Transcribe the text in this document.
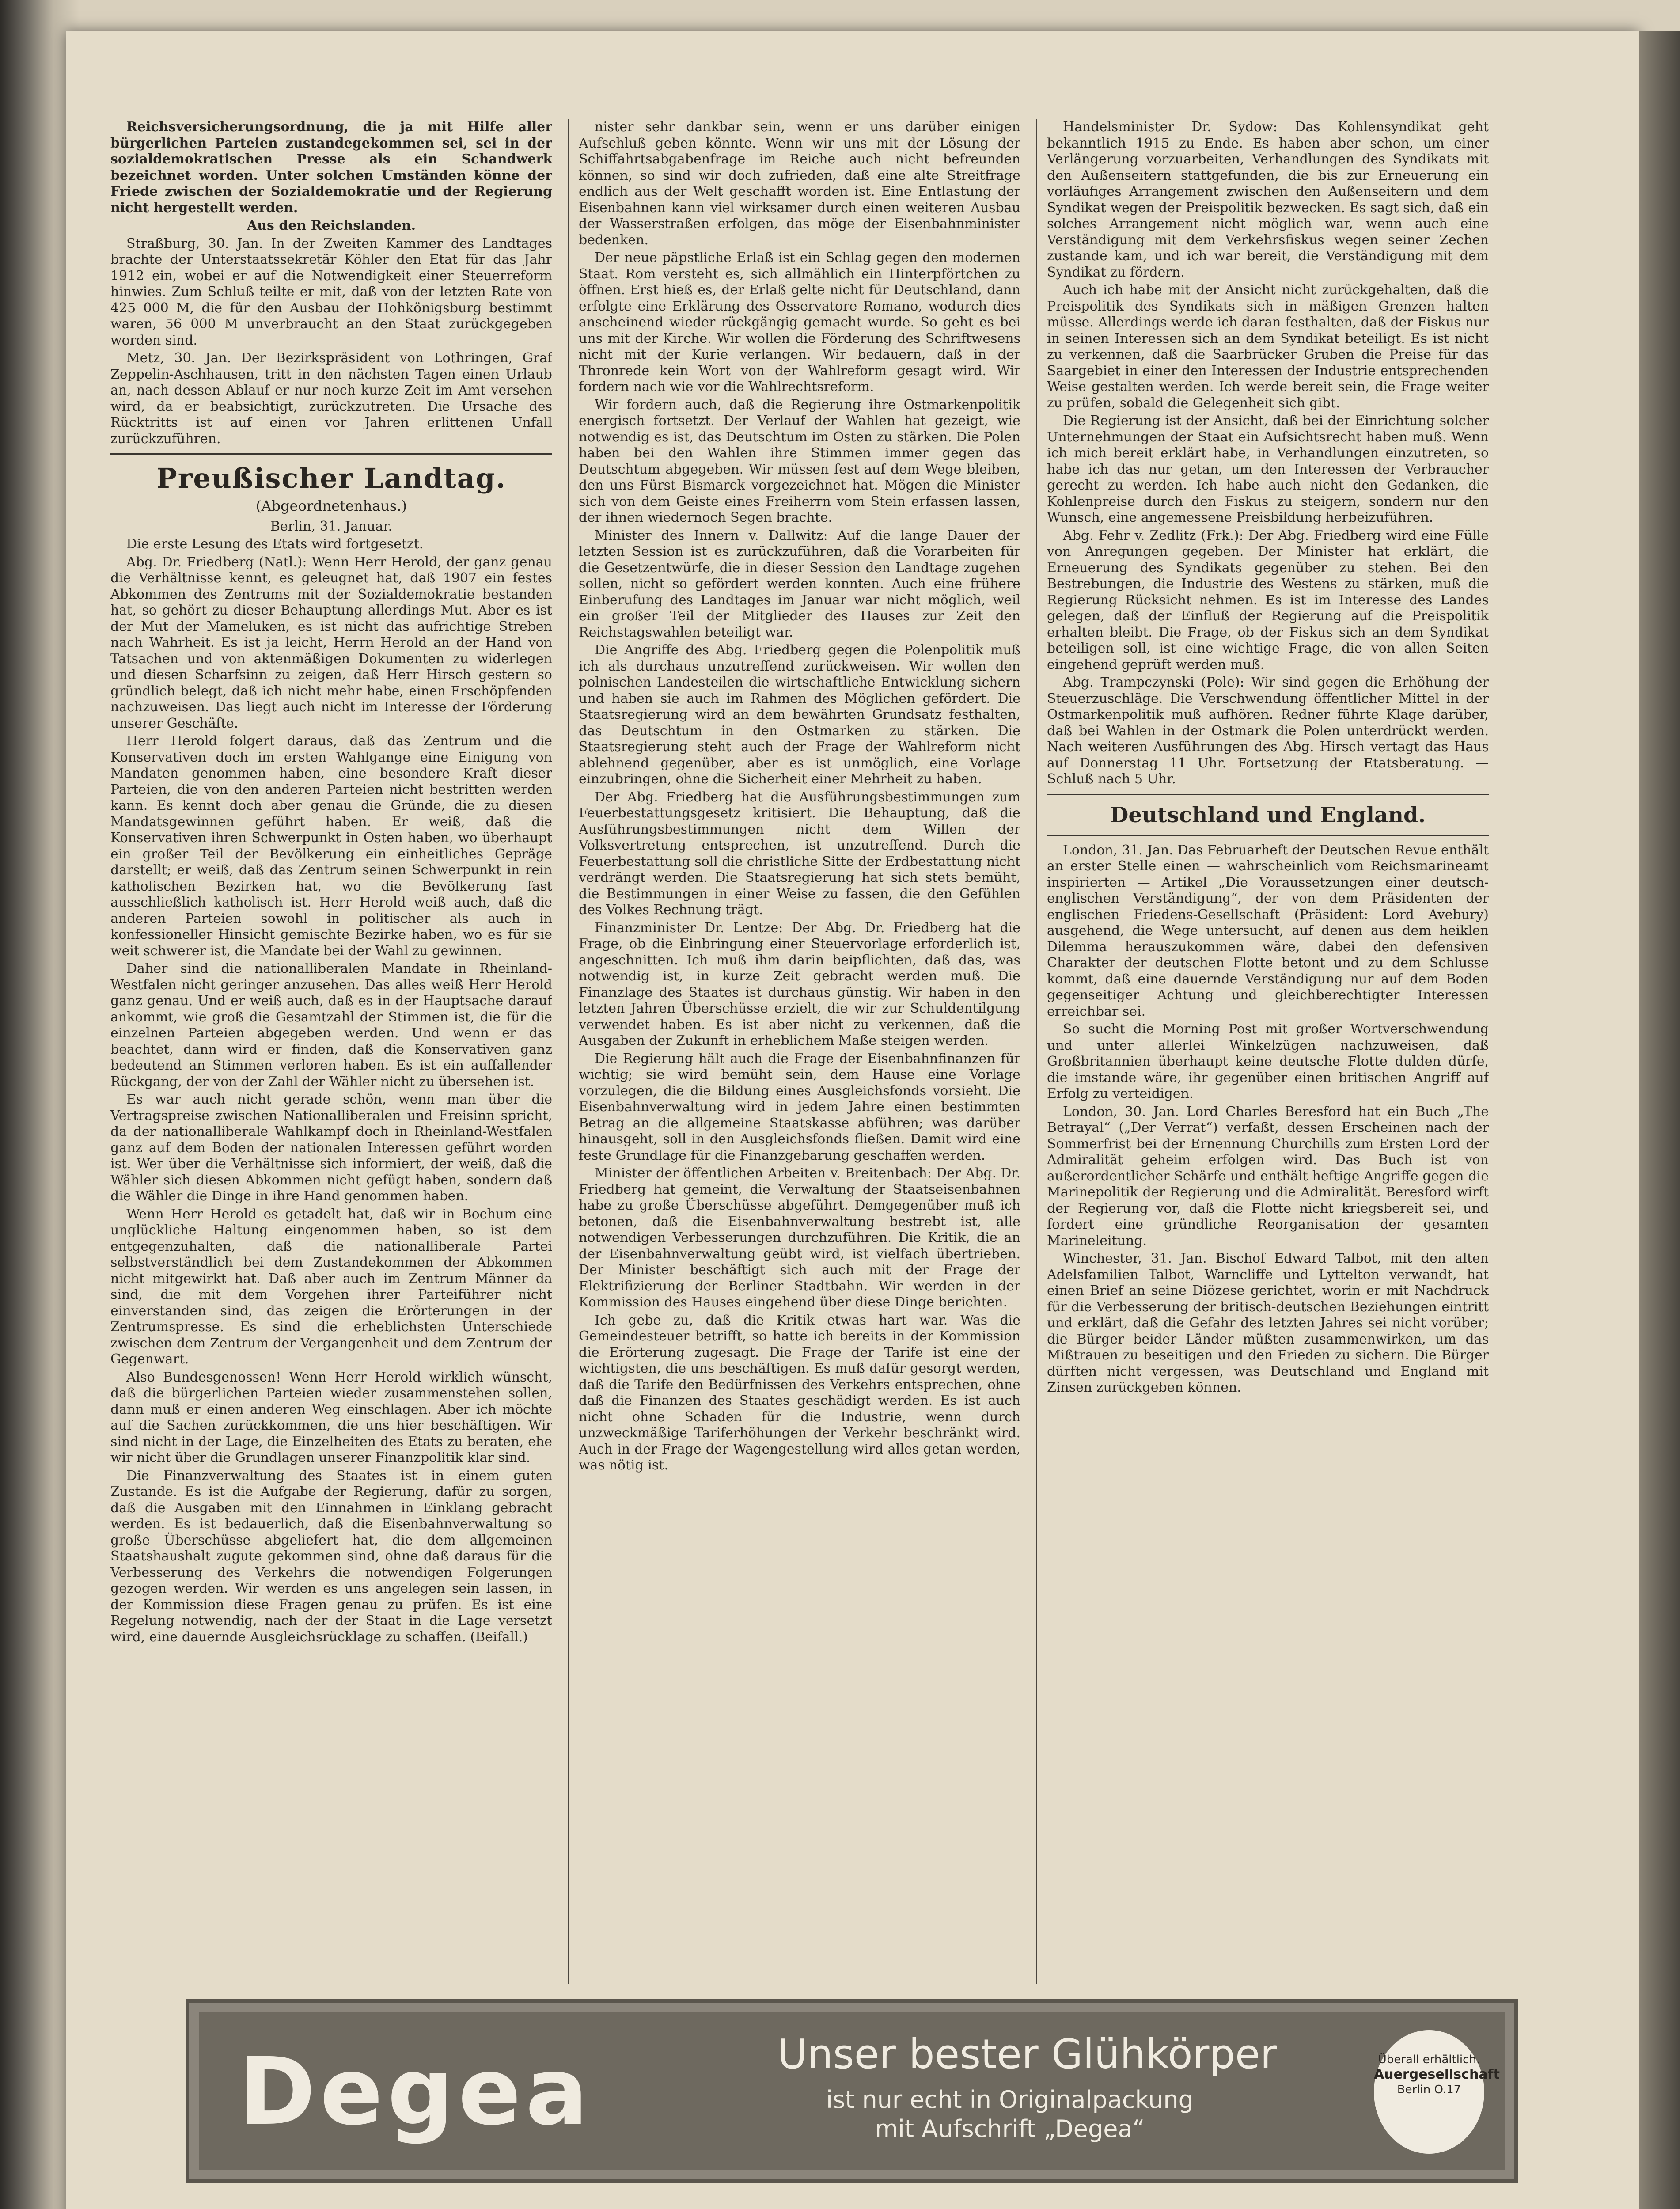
Reichsversicherungsordnung, die ja mit Hilfe aller bürgerlichen Parteien zustandegekommen sei, sei in der sozialdemokratischen Presse als ein Schandwerk bezeichnet worden. Unter solchen Umständen könne der Friede zwischen der Sozialdemokratie und der Regierung nicht hergestellt werden.

Aus den Reichslanden.

Straßburg, 30. Jan. In der Zweiten Kammer des Landtages brachte der Unterstaatssekretär Köhler den Etat für das Jahr 1912 ein, wobei er auf die Notwendigkeit einer Steuerreform hinwies. Zum Schluß teilte er mit, daß von der letzten Rate von 425 000 M, die für den Ausbau der Hohkönigsburg bestimmt waren, 56 000 M unverbraucht an den Staat zurückgegeben worden sind.

Metz, 30. Jan. Der Bezirkspräsident von Lothringen, Graf Zeppelin-Aschhausen, tritt in den nächsten Tagen einen Urlaub an, nach dessen Ablauf er nur noch kurze Zeit im Amt versehen wird, da er beabsichtigt, zurückzutreten. Die Ursache des Rücktritts ist auf einen vor Jahren erlittenen Unfall zurückzuführen.

Preußischer Landtag.
(Abgeordnetenhaus.)

Berlin, 31. Januar.

Die erste Lesung des Etats wird fortgesetzt.

Abg. Dr. Friedberg (Natl.): Wenn Herr Herold, der ganz genau die Verhältnisse kennt, es geleugnet hat, daß 1907 ein festes Abkommen des Zentrums mit der Sozialdemokratie bestanden hat, so gehört zu dieser Behauptung allerdings Mut. Aber es ist der Mut der Mameluken, es ist nicht das aufrichtige Streben nach Wahrheit. Es ist ja leicht, Herrn Herold an der Hand von Tatsachen und von aktenmäßigen Dokumenten zu widerlegen und diesen Scharfsinn zu zeigen, daß Herr Hirsch gestern so gründlich belegt, daß ich nicht mehr habe, einen Erschöpfenden nachzuweisen. Das liegt auch nicht im Interesse der Förderung unserer Geschäfte.

Herr Herold folgert daraus, daß das Zentrum und die Konservativen doch im ersten Wahlgange eine Einigung von Mandaten genommen haben, eine besondere Kraft dieser Parteien, die von den anderen Parteien nicht bestritten werden kann. Es kennt doch aber genau die Gründe, die zu diesen Mandatsgewinnen geführt haben. Er weiß, daß die Konservativen ihren Schwerpunkt in Osten haben, wo überhaupt ein großer Teil der Bevölkerung ein einheitliches Gepräge darstellt; er weiß, daß das Zentrum seinen Schwerpunkt in rein katholischen Bezirken hat, wo die Bevölkerung fast ausschließlich katholisch ist. Herr Herold weiß auch, daß die anderen Parteien sowohl in politischer als auch in konfessioneller Hinsicht gemischte Bezirke haben, wo es für sie weit schwerer ist, die Mandate bei der Wahl zu gewinnen.

Daher sind die nationalliberalen Mandate in Rheinland-Westfalen nicht geringer anzusehen. Das alles weiß Herr Herold ganz genau. Und er weiß auch, daß es in der Hauptsache darauf ankommt, wie groß die Gesamtzahl der Stimmen ist, die für die einzelnen Parteien abgegeben werden. Und wenn er das beachtet, dann wird er finden, daß die Konservativen ganz bedeutend an Stimmen verloren haben. Es ist ein auffallender Rückgang, der von der Zahl der Wähler nicht zu übersehen ist.

Es war auch nicht gerade schön, wenn man über die Vertragspreise zwischen Nationalliberalen und Freisinn spricht, da der nationalliberale Wahlkampf doch in Rheinland-Westfalen ganz auf dem Boden der nationalen Interessen geführt worden ist. Wer über die Verhältnisse sich informiert, der weiß, daß die Wähler sich diesen Abkommen nicht gefügt haben, sondern daß die Wähler die Dinge in ihre Hand genommen haben.

Wenn Herr Herold es getadelt hat, daß wir in Bochum eine unglückliche Haltung eingenommen haben, so ist dem entgegenzuhalten, daß die nationalliberale Partei selbstverständlich bei dem Zustandekommen der Abkommen nicht mitgewirkt hat. Daß aber auch im Zentrum Männer da sind, die mit dem Vorgehen ihrer Parteiführer nicht einverstanden sind, das zeigen die Erörterungen in der Zentrumspresse. Es sind die erheblichsten Unterschiede zwischen dem Zentrum der Vergangenheit und dem Zentrum der Gegenwart.

Also Bundesgenossen! Wenn Herr Herold wirklich wünscht, daß die bürgerlichen Parteien wieder zusammenstehen sollen, dann muß er einen anderen Weg einschlagen. Aber ich möchte auf die Sachen zurückkommen, die uns hier beschäftigen. Wir sind nicht in der Lage, die Einzelheiten des Etats zu beraten, ehe wir nicht über die Grundlagen unserer Finanzpolitik klar sind.

Die Finanzverwaltung des Staates ist in einem guten Zustande. Es ist die Aufgabe der Regierung, dafür zu sorgen, daß die Ausgaben mit den Einnahmen in Einklang gebracht werden. Es ist bedauerlich, daß die Eisenbahnverwaltung so große Überschüsse abgeliefert hat, die dem allgemeinen Staatshaushalt zugute gekommen sind, ohne daß daraus für die Verbesserung des Verkehrs die notwendigen Folgerungen gezogen werden. Wir werden es uns angelegen sein lassen, in der Kommission diese Fragen genau zu prüfen. Es ist eine Regelung notwendig, nach der der Staat in die Lage versetzt wird, eine dauernde Ausgleichsrücklage zu schaffen. (Beifall.)

nister sehr dankbar sein, wenn er uns darüber einigen Aufschluß geben könnte. Wenn wir uns mit der Lösung der Schiffahrtsabgabenfrage im Reiche auch nicht befreunden können, so sind wir doch zufrieden, daß eine alte Streitfrage endlich aus der Welt geschafft worden ist. Eine Entlastung der Eisenbahnen kann viel wirksamer durch einen weiteren Ausbau der Wasserstraßen erfolgen, das möge der Eisenbahnminister bedenken.

Der neue päpstliche Erlaß ist ein Schlag gegen den modernen Staat. Rom versteht es, sich allmählich ein Hinterpförtchen zu öffnen. Erst hieß es, der Erlaß gelte nicht für Deutschland, dann erfolgte eine Erklärung des Osservatore Romano, wodurch dies anscheinend wieder rückgängig gemacht wurde. So geht es bei uns mit der Kirche. Wir wollen die Förderung des Schriftwesens nicht mit der Kurie verlangen. Wir bedauern, daß in der Thronrede kein Wort von der Wahlreform gesagt wird. Wir fordern nach wie vor die Wahlrechtsreform.

Wir fordern auch, daß die Regierung ihre Ostmarkenpolitik energisch fortsetzt. Der Verlauf der Wahlen hat gezeigt, wie notwendig es ist, das Deutschtum im Osten zu stärken. Die Polen haben bei den Wahlen ihre Stimmen immer gegen das Deutschtum abgegeben. Wir müssen fest auf dem Wege bleiben, den uns Fürst Bismarck vorgezeichnet hat. Mögen die Minister sich von dem Geiste eines Freiherrn vom Stein erfassen lassen, der ihnen wiedernoch Segen brachte.

Minister des Innern v. Dallwitz: Auf die lange Dauer der letzten Session ist es zurückzuführen, daß die Vorarbeiten für die Gesetzentwürfe, die in dieser Session den Landtage zugehen sollen, nicht so gefördert werden konnten. Auch eine frühere Einberufung des Landtages im Januar war nicht möglich, weil ein großer Teil der Mitglieder des Hauses zur Zeit den Reichstagswahlen beteiligt war.

Die Angriffe des Abg. Friedberg gegen die Polenpolitik muß ich als durchaus unzutreffend zurückweisen. Wir wollen den polnischen Landesteilen die wirtschaftliche Entwicklung sichern und haben sie auch im Rahmen des Möglichen gefördert. Die Staatsregierung wird an dem bewährten Grundsatz festhalten, das Deutschtum in den Ostmarken zu stärken. Die Staatsregierung steht auch der Frage der Wahlreform nicht ablehnend gegenüber, aber es ist unmöglich, eine Vorlage einzubringen, ohne die Sicherheit einer Mehrheit zu haben.

Der Abg. Friedberg hat die Ausführungsbestimmungen zum Feuerbestattungsgesetz kritisiert. Die Behauptung, daß die Ausführungsbestimmungen nicht dem Willen der Volksvertretung entsprechen, ist unzutreffend. Durch die Feuerbestattung soll die christliche Sitte der Erdbestattung nicht verdrängt werden. Die Staatsregierung hat sich stets bemüht, die Bestimmungen in einer Weise zu fassen, die den Gefühlen des Volkes Rechnung trägt.

Finanzminister Dr. Lentze: Der Abg. Dr. Friedberg hat die Frage, ob die Einbringung einer Steuervorlage erforderlich ist, angeschnitten. Ich muß ihm darin beipflichten, daß das, was notwendig ist, in kurze Zeit gebracht werden muß. Die Finanzlage des Staates ist durchaus günstig. Wir haben in den letzten Jahren Überschüsse erzielt, die wir zur Schuldentilgung verwendet haben. Es ist aber nicht zu verkennen, daß die Ausgaben der Zukunft in erheblichem Maße steigen werden.

Die Regierung hält auch die Frage der Eisenbahnfinanzen für wichtig; sie wird bemüht sein, dem Hause eine Vorlage vorzulegen, die die Bildung eines Ausgleichsfonds vorsieht. Die Eisenbahnverwaltung wird in jedem Jahre einen bestimmten Betrag an die allgemeine Staatskasse abführen; was darüber hinausgeht, soll in den Ausgleichsfonds fließen. Damit wird eine feste Grundlage für die Finanzgebarung geschaffen werden.

Minister der öffentlichen Arbeiten v. Breitenbach: Der Abg. Dr. Friedberg hat gemeint, die Verwaltung der Staatseisenbahnen habe zu große Überschüsse abgeführt. Demgegenüber muß ich betonen, daß die Eisenbahnverwaltung bestrebt ist, alle notwendigen Verbesserungen durchzuführen. Die Kritik, die an der Eisenbahnverwaltung geübt wird, ist vielfach übertrieben. Der Minister beschäftigt sich auch mit der Frage der Elektrifizierung der Berliner Stadtbahn. Wir werden in der Kommission des Hauses eingehend über diese Dinge berichten.

Ich gebe zu, daß die Kritik etwas hart war. Was die Gemeindesteuer betrifft, so hatte ich bereits in der Kommission die Erörterung zugesagt. Die Frage der Tarife ist eine der wichtigsten, die uns beschäftigen. Es muß dafür gesorgt werden, daß die Tarife den Bedürfnissen des Verkehrs entsprechen, ohne daß die Finanzen des Staates geschädigt werden. Es ist auch nicht ohne Schaden für die Industrie, wenn durch unzweckmäßige Tariferhöhungen der Verkehr beschränkt wird. Auch in der Frage der Wagengestellung wird alles getan werden, was nötig ist.

Handelsminister Dr. Sydow: Das Kohlensyndikat geht bekanntlich 1915 zu Ende. Es haben aber schon, um einer Verlängerung vorzuarbeiten, Verhandlungen des Syndikats mit den Außenseitern stattgefunden, die bis zur Erneuerung ein vorläufiges Arrangement zwischen den Außenseitern und dem Syndikat wegen der Preispolitik bezwecken. Es sagt sich, daß ein solches Arrangement nicht möglich war, wenn auch eine Verständigung mit dem Verkehrsfiskus wegen seiner Zechen zustande kam, und ich war bereit, die Verständigung mit dem Syndikat zu fördern.

Auch ich habe mit der Ansicht nicht zurückgehalten, daß die Preispolitik des Syndikats sich in mäßigen Grenzen halten müsse. Allerdings werde ich daran festhalten, daß der Fiskus nur in seinen Interessen sich an dem Syndikat beteiligt. Es ist nicht zu verkennen, daß die Saarbrücker Gruben die Preise für das Saargebiet in einer den Interessen der Industrie entsprechenden Weise gestalten werden. Ich werde bereit sein, die Frage weiter zu prüfen, sobald die Gelegenheit sich gibt.

Die Regierung ist der Ansicht, daß bei der Einrichtung solcher Unternehmungen der Staat ein Aufsichtsrecht haben muß. Wenn ich mich bereit erklärt habe, in Verhandlungen einzutreten, so habe ich das nur getan, um den Interessen der Verbraucher gerecht zu werden. Ich habe auch nicht den Gedanken, die Kohlenpreise durch den Fiskus zu steigern, sondern nur den Wunsch, eine angemessene Preisbildung herbeizuführen.

Abg. Fehr v. Zedlitz (Frk.): Der Abg. Friedberg wird eine Fülle von Anregungen gegeben. Der Minister hat erklärt, die Erneuerung des Syndikats gegenüber zu stehen. Bei den Bestrebungen, die Industrie des Westens zu stärken, muß die Regierung Rücksicht nehmen. Es ist im Interesse des Landes gelegen, daß der Einfluß der Regierung auf die Preispolitik erhalten bleibt. Die Frage, ob der Fiskus sich an dem Syndikat beteiligen soll, ist eine wichtige Frage, die von allen Seiten eingehend geprüft werden muß.

Abg. Trampczynski (Pole): Wir sind gegen die Erhöhung der Steuerzuschläge. Die Verschwendung öffentlicher Mittel in der Ostmarkenpolitik muß aufhören. Redner führte Klage darüber, daß bei Wahlen in der Ostmark die Polen unterdrückt werden. Nach weiteren Ausführungen des Abg. Hirsch vertagt das Haus auf Donnerstag 11 Uhr. Fortsetzung der Etatsberatung. — Schluß nach 5 Uhr.

Deutschland und England.

London, 31. Jan. Das Februarheft der Deutschen Revue enthält an erster Stelle einen — wahrscheinlich vom Reichsmarineamt inspirierten — Artikel „Die Voraussetzungen einer deutsch-englischen Verständigung“, der von dem Präsidenten der englischen Friedens-Gesellschaft (Präsident: Lord Avebury) ausgehend, die Wege untersucht, auf denen aus dem heiklen Dilemma herauszukommen wäre, dabei den defensiven Charakter der deutschen Flotte betont und zu dem Schlusse kommt, daß eine dauernde Verständigung nur auf dem Boden gegenseitiger Achtung und gleichberechtigter Interessen erreichbar sei.

So sucht die Morning Post mit großer Wortverschwendung und unter allerlei Winkelzügen nachzuweisen, daß Großbritannien überhaupt keine deutsche Flotte dulden dürfe, die imstande wäre, ihr gegenüber einen britischen Angriff auf Erfolg zu verteidigen.

London, 30. Jan. Lord Charles Beresford hat ein Buch „The Betrayal“ („Der Verrat“) verfaßt, dessen Erscheinen nach der Sommerfrist bei der Ernennung Churchills zum Ersten Lord der Admiralität geheim erfolgen wird. Das Buch ist von außerordentlicher Schärfe und enthält heftige Angriffe gegen die Marinepolitik der Regierung und die Admiralität. Beresford wirft der Regierung vor, daß die Flotte nicht kriegsbereit sei, und fordert eine gründliche Reorganisation der gesamten Marineleitung.

Winchester, 31. Jan. Bischof Edward Talbot, mit den alten Adelsfamilien Talbot, Warncliffe und Lyttelton verwandt, hat einen Brief an seine Diözese gerichtet, worin er mit Nachdruck für die Verbesserung der britisch-deutschen Beziehungen eintritt und erklärt, daß die Gefahr des letzten Jahres sei nicht vorüber; die Bürger beider Länder müßten zusammenwirken, um das Mißtrauen zu beseitigen und den Frieden zu sichern. Die Bürger dürften nicht vergessen, was Deutschland und England mit Zinsen zurückgeben können.

Degea	Unser bester Glühkörper
ist nur echt in Originalpackung
mit Aufschrift „Degea“
Überall erhältlich.
Auergesellschaft
Berlin O.17
